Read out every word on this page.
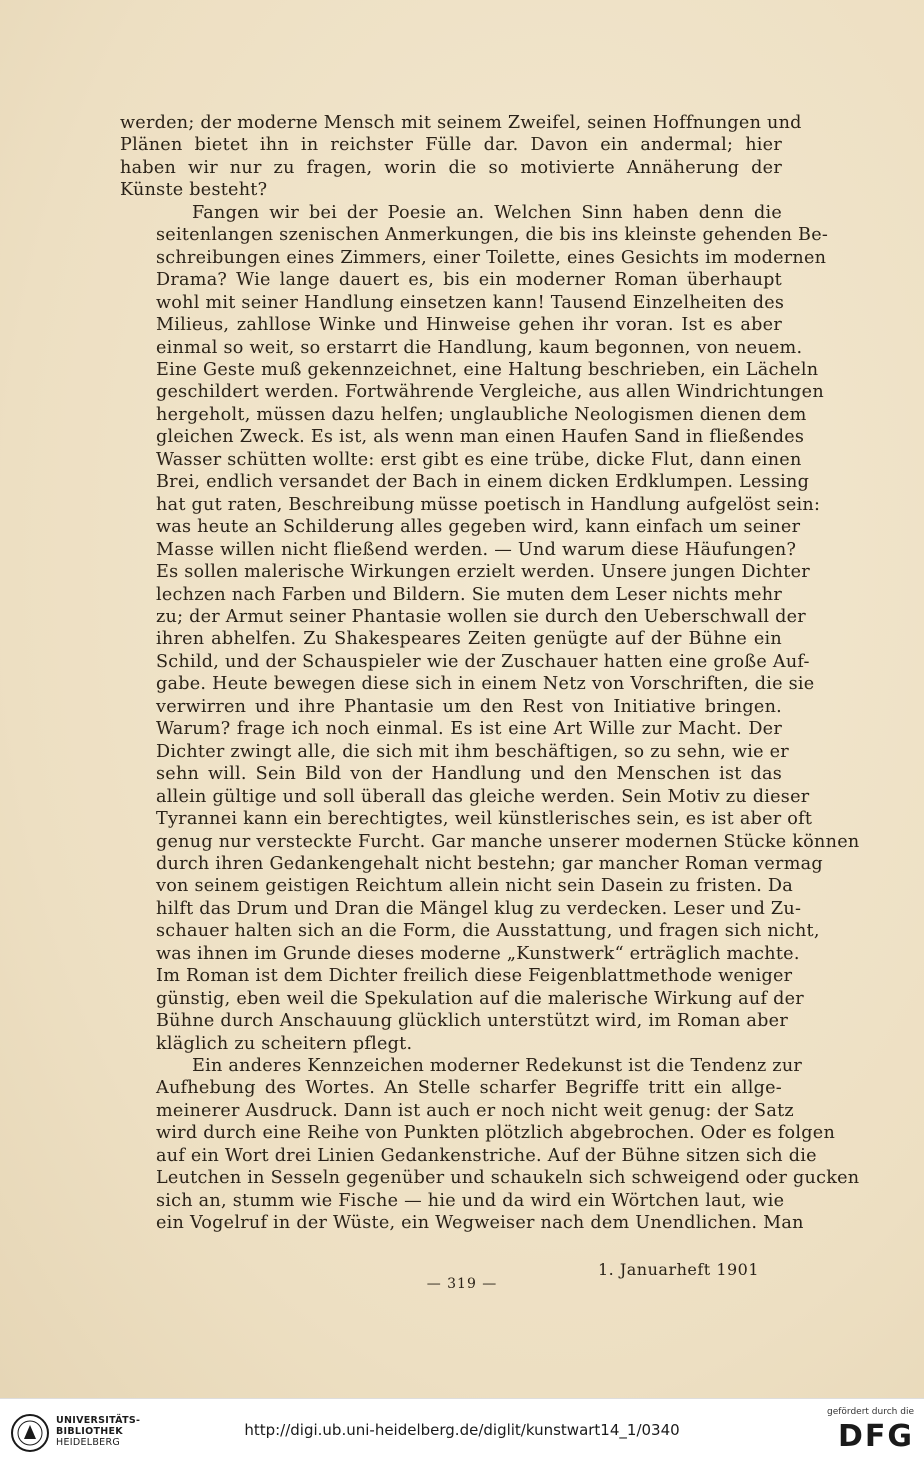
werden; der moderne Mensch mit seinem Zweifel, seinen Hoffnungen und
Plänen bietet ihn in reichster Fülle dar. Davon ein andermal; hier
haben wir nur zu fragen, worin die so motivierte Annäherung der
Künste besteht?
Fangen wir bei der Poesie an. Welchen Sinn haben denn die
seitenlangen szenischen Anmerkungen, die bis ins kleinste gehenden Be-
schreibungen eines Zimmers, einer Toilette, eines Gesichts im modernen
Drama? Wie lange dauert es, bis ein moderner Roman überhaupt
wohl mit seiner Handlung einsetzen kann! Tausend Einzelheiten des
Milieus, zahllose Winke und Hinweise gehen ihr voran. Ist es aber
einmal so weit, so erstarrt die Handlung, kaum begonnen, von neuem.
Eine Geste muß gekennzeichnet, eine Haltung beschrieben, ein Lächeln
geschildert werden. Fortwährende Vergleiche, aus allen Windrichtungen
hergeholt, müssen dazu helfen; unglaubliche Neologismen dienen dem
gleichen Zweck. Es ist, als wenn man einen Haufen Sand in fließendes
Wasser schütten wollte: erst gibt es eine trübe, dicke Flut, dann einen
Brei, endlich versandet der Bach in einem dicken Erdklumpen. Lessing
hat gut raten, Beschreibung müsse poetisch in Handlung aufgelöst sein:
was heute an Schilderung alles gegeben wird, kann einfach um seiner
Masse willen nicht fließend werden. — Und warum diese Häufungen?
Es sollen malerische Wirkungen erzielt werden. Unsere jungen Dichter
lechzen nach Farben und Bildern. Sie muten dem Leser nichts mehr
zu; der Armut seiner Phantasie wollen sie durch den Ueberschwall der
ihren abhelfen. Zu Shakespeares Zeiten genügte auf der Bühne ein
Schild, und der Schauspieler wie der Zuschauer hatten eine große Auf-
gabe. Heute bewegen diese sich in einem Netz von Vorschriften, die sie
verwirren und ihre Phantasie um den Rest von Initiative bringen.
Warum? frage ich noch einmal. Es ist eine Art Wille zur Macht. Der
Dichter zwingt alle, die sich mit ihm beschäftigen, so zu sehn, wie er
sehn will. Sein Bild von der Handlung und den Menschen ist das
allein gültige und soll überall das gleiche werden. Sein Motiv zu dieser
Tyrannei kann ein berechtigtes, weil künstlerisches sein, es ist aber oft
genug nur versteckte Furcht. Gar manche unserer modernen Stücke können
durch ihren Gedankengehalt nicht bestehn; gar mancher Roman vermag
von seinem geistigen Reichtum allein nicht sein Dasein zu fristen. Da
hilft das Drum und Dran die Mängel klug zu verdecken. Leser und Zu-
schauer halten sich an die Form, die Ausstattung, und fragen sich nicht,
was ihnen im Grunde dieses moderne „Kunstwerk“ erträglich machte.
Im Roman ist dem Dichter freilich diese Feigenblattmethode weniger
günstig, eben weil die Spekulation auf die malerische Wirkung auf der
Bühne durch Anschauung glücklich unterstützt wird, im Roman aber
kläglich zu scheitern pflegt.
Ein anderes Kennzeichen moderner Redekunst ist die Tendenz zur
Aufhebung des Wortes. An Stelle scharfer Begriffe tritt ein allge-
meinerer Ausdruck. Dann ist auch er noch nicht weit genug: der Satz
wird durch eine Reihe von Punkten plötzlich abgebrochen. Oder es folgen
auf ein Wort drei Linien Gedankenstriche. Auf der Bühne sitzen sich die
Leutchen in Sesseln gegenüber und schaukeln sich schweigend oder gucken
sich an, stumm wie Fische — hie und da wird ein Wörtchen laut, wie
ein Vogelruf in der Wüste, ein Wegweiser nach dem Unendlichen. Man
1. Januarheft 1901
— 319 —
UNIVERSITÄTS-
BIBLIOTHEK
HEIDELBERG
http://digi.ub.uni-heidelberg.de/diglit/kunstwart14_1/0340
gefördert durch die
DFG
